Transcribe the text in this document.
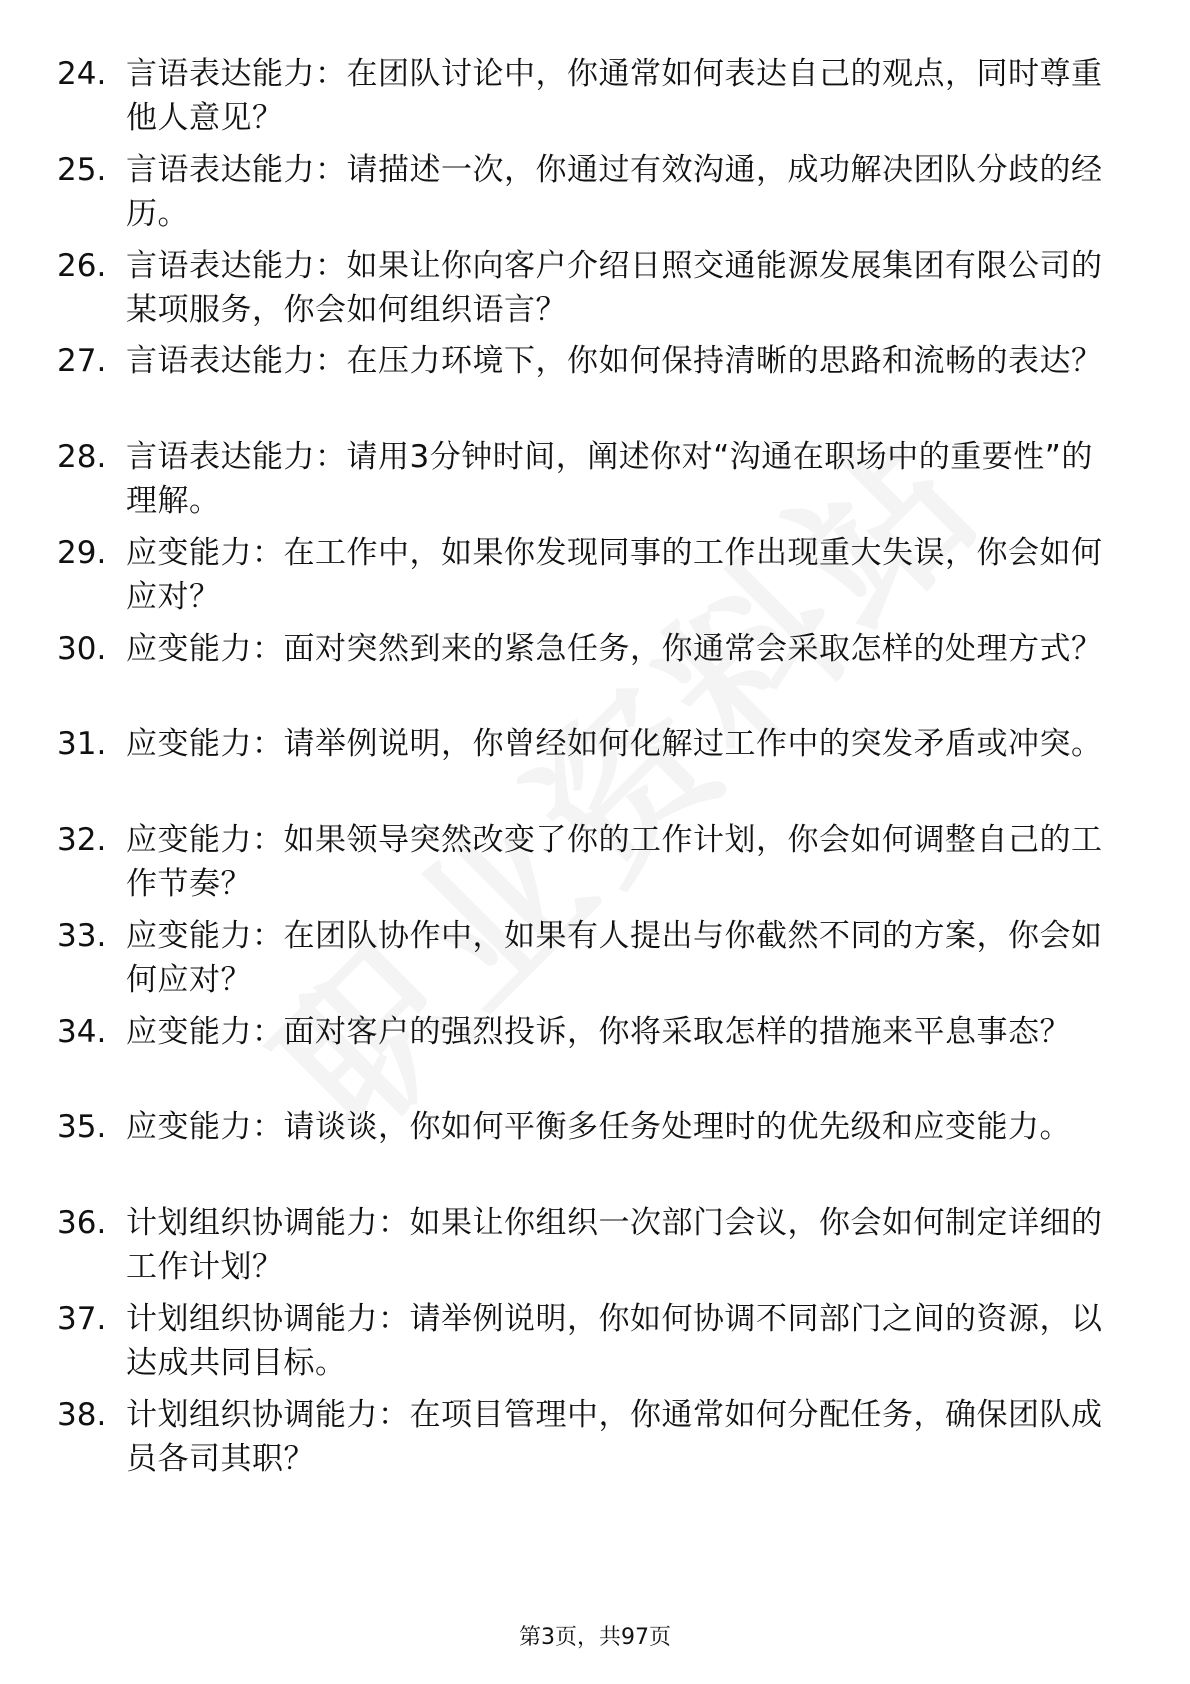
24. 言语表达能力：在团队讨论中，你通常如何表达自己的观点，同时尊重他人意见？
25. 言语表达能力：请描述一次，你通过有效沟通，成功解决团队分歧的经历。
26. 言语表达能力：如果让你向客户介绍日照交通能源发展集团有限公司的某项服务，你会如何组织语言？
27. 言语表达能力：在压力环境下，你如何保持清晰的思路和流畅的表达？
28. 言语表达能力：请用3分钟时间，阐述你对“沟通在职场中的重要性”的理解。
29. 应变能力：在工作中，如果你发现同事的工作出现重大失误，你会如何应对？
30. 应变能力：面对突然到来的紧急任务，你通常会采取怎样的处理方式？
31. 应变能力：请举例说明，你曾经如何化解过工作中的突发矛盾或冲突。
32. 应变能力：如果领导突然改变了你的工作计划，你会如何调整自己的工作节奏？
33. 应变能力：在团队协作中，如果有人提出与你截然不同的方案，你会如何应对？
34. 应变能力：面对客户的强烈投诉，你将采取怎样的措施来平息事态？
35. 应变能力：请谈谈，你如何平衡多任务处理时的优先级和应变能力。
36. 计划组织协调能力：如果让你组织一次部门会议，你会如何制定详细的工作计划？
37. 计划组织协调能力：请举例说明，你如何协调不同部门之间的资源，以达成共同目标。
38. 计划组织协调能力：在项目管理中，你通常如何分配任务，确保团队成员各司其职？
第3页，共97页
